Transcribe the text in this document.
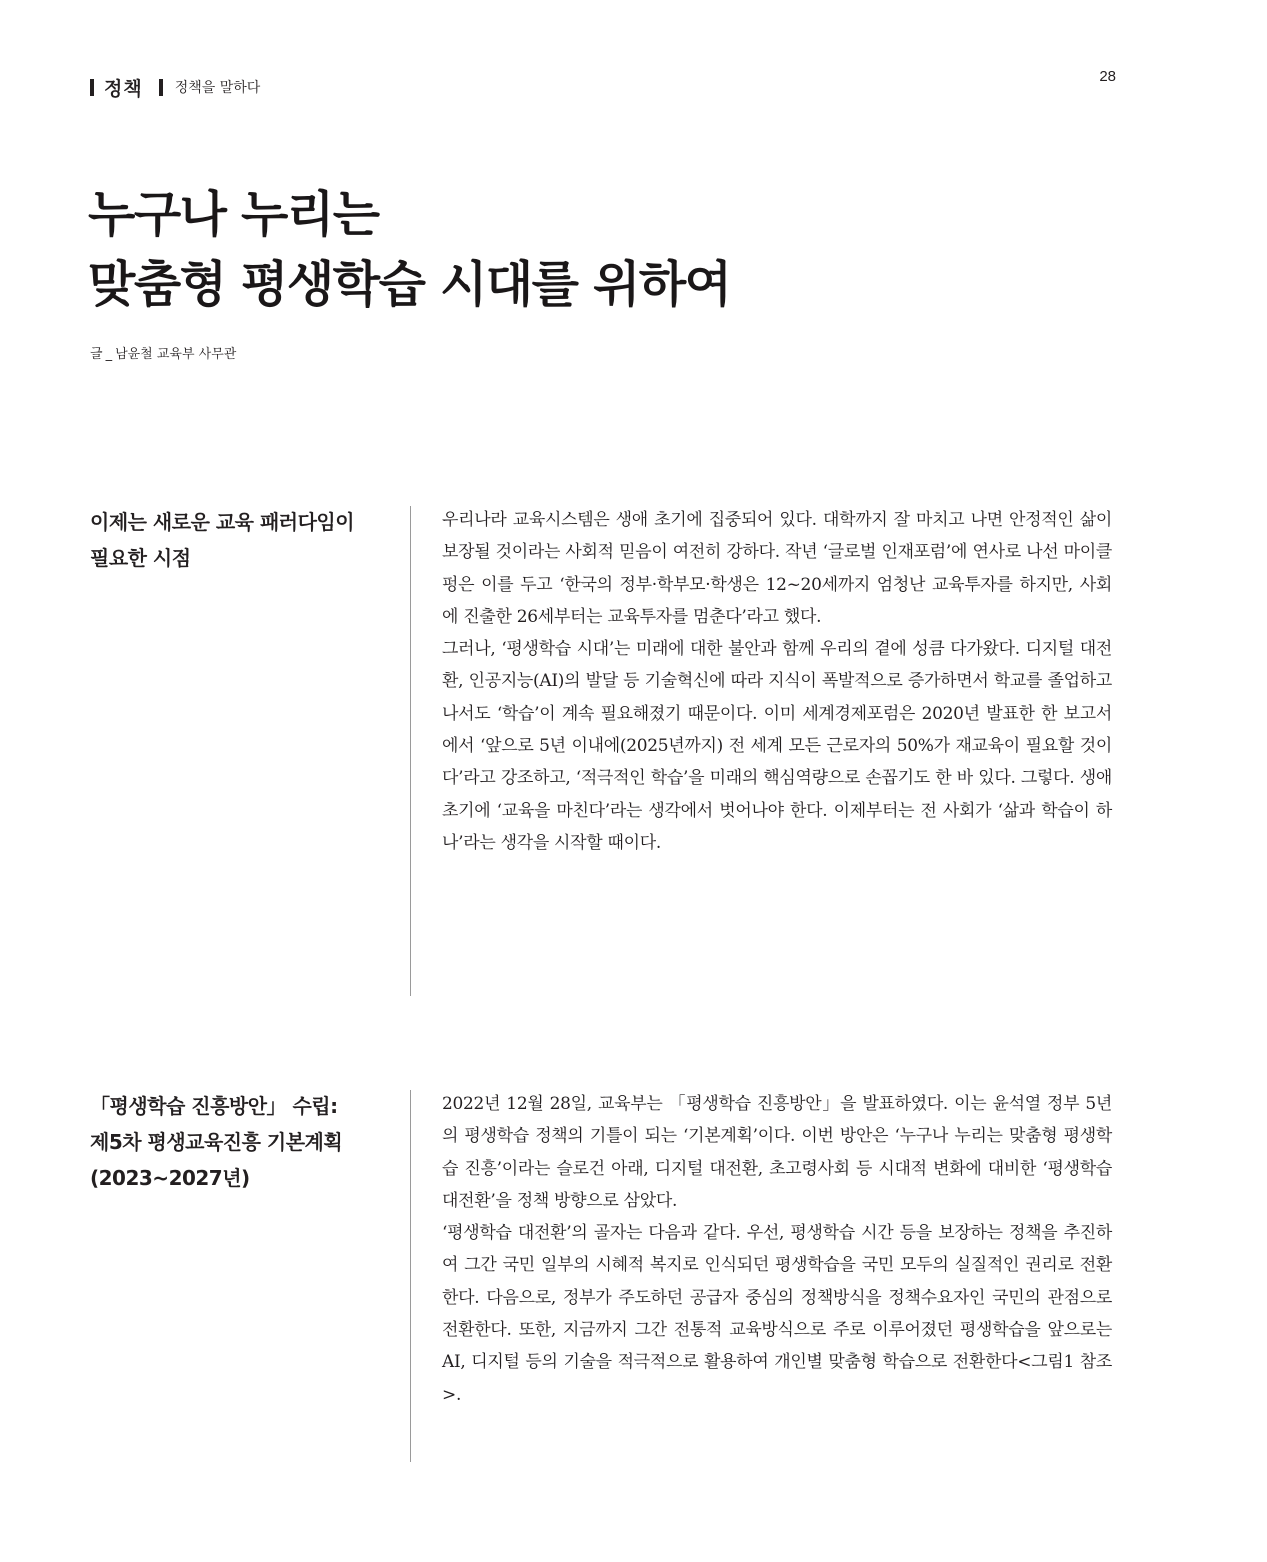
정책 정책을 말하다
28
누구나 누리는
맞춤형 평생학습 시대를 위하여
글 _ 남윤철 교육부 사무관
이제는 새로운 교육 패러다임이
필요한 시점

우리나라 교육시스템은 생애 초기에 집중되어 있다. 대학까지 잘 마치고 나면 안정적인 삶이 보장될 것이라는 사회적 믿음이 여전히 강하다. 작년 ‘글로벌 인재포럼’에 연사로 나선 마이클 펑은 이를 두고 ‘한국의 정부·학부모·학생은 12~20세까지 엄청난 교육투자를 하지만, 사회에 진출한 26세부터는 교육투자를 멈춘다’라고 했다.

그러나, ‘평생학습 시대’는 미래에 대한 불안과 함께 우리의 곁에 성큼 다가왔다. 디지털 대전환, 인공지능(AI)의 발달 등 기술혁신에 따라 지식이 폭발적으로 증가하면서 학교를 졸업하고 나서도 ‘학습’이 계속 필요해졌기 때문이다. 이미 세계경제포럼은 2020년 발표한 한 보고서에서 ‘앞으로 5년 이내에(2025년까지) 전 세계 모든 근로자의 50%가 재교육이 필요할 것이다’라고 강조하고, ‘적극적인 학습’을 미래의 핵심역량으로 손꼽기도 한 바 있다. 그렇다. 생애 초기에 ‘교육을 마친다’라는 생각에서 벗어나야 한다. 이제부터는 전 사회가 ‘삶과 학습이 하나’라는 생각을 시작할 때이다.

「평생학습 진흥방안」 수립:
제5차 평생교육진흥 기본계획
(2023~2027년)

2022년 12월 28일, 교육부는 「평생학습 진흥방안」을 발표하였다. 이는 윤석열 정부 5년의 평생학습 정책의 기틀이 되는 ‘기본계획’이다. 이번 방안은 ‘누구나 누리는 맞춤형 평생학습 진흥’이라는 슬로건 아래, 디지털 대전환, 초고령사회 등 시대적 변화에 대비한 ‘평생학습 대전환’을 정책 방향으로 삼았다.

‘평생학습 대전환’의 골자는 다음과 같다. 우선, 평생학습 시간 등을 보장하는 정책을 추진하여 그간 국민 일부의 시혜적 복지로 인식되던 평생학습을 국민 모두의 실질적인 권리로 전환한다. 다음으로, 정부가 주도하던 공급자 중심의 정책방식을 정책수요자인 국민의 관점으로 전환한다. 또한, 지금까지 그간 전통적 교육방식으로 주로 이루어졌던 평생학습을 앞으로는 AI, 디지털 등의 기술을 적극적으로 활용하여 개인별 맞춤형 학습으로 전환한다<그림1 참조>.
